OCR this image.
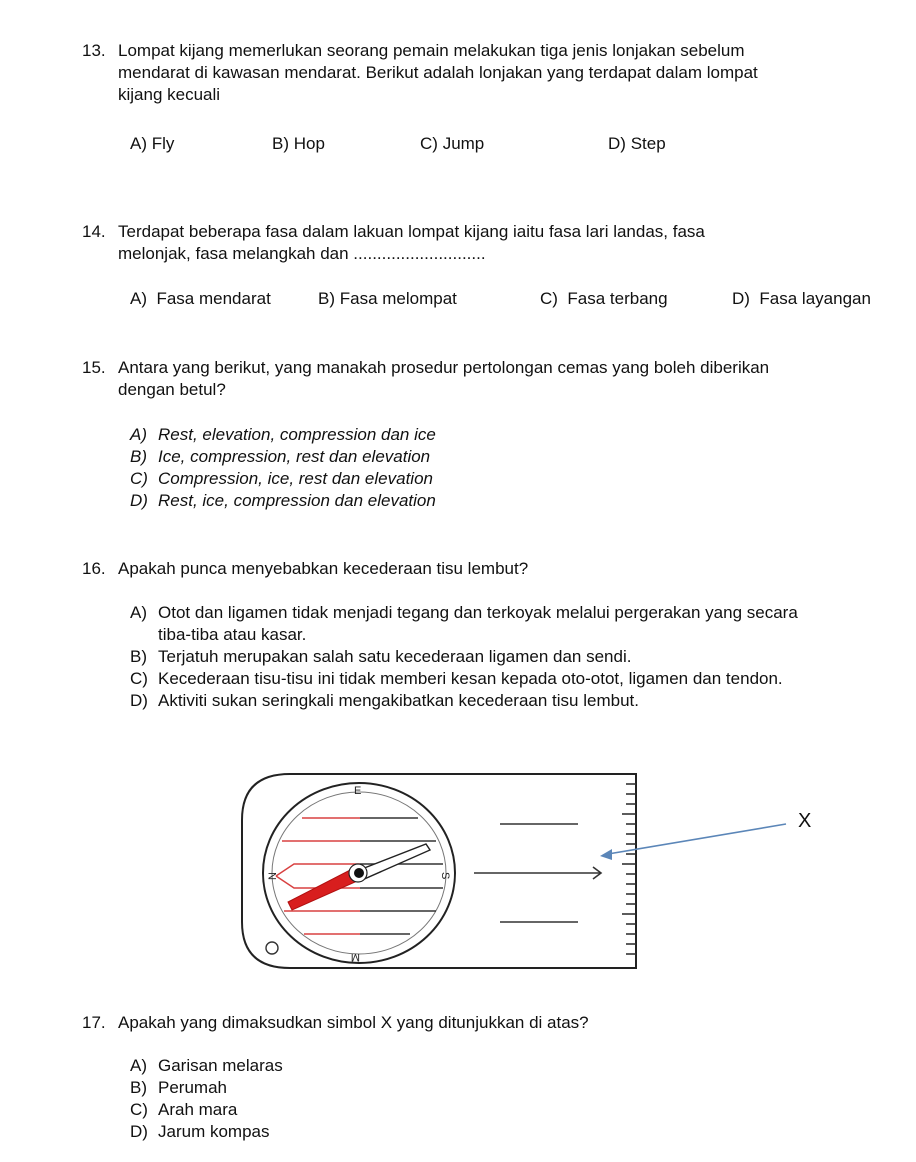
13. Lompat kijang memerlukan seorang pemain melakukan tiga jenis lonjakan sebelum
mendarat di kawasan mendarat. Berikut adalah lonjakan yang terdapat dalam lompat
kijang kecuali
A) Fly	B) Hop	C) Jump	D) Step
14. Terdapat beberapa fasa dalam lakuan lompat kijang iaitu fasa lari landas, fasa
melonjak, fasa melangkah dan ............................
A) Fasa mendarat	B) Fasa melompat	C) Fasa terbang	D) Fasa layangan
15. Antara yang berikut, yang manakah prosedur pertolongan cemas yang boleh diberikan
dengan betul?
A) Rest, elevation, compression dan ice
B) Ice, compression, rest dan elevation
C) Compression, ice, rest dan elevation
D) Rest, ice, compression dan elevation
16. Apakah punca menyebabkan kecederaan tisu lembut?
A) Otot dan ligamen tidak menjadi tegang dan terkoyak melalui pergerakan yang secara
tiba-tiba atau kasar.
B) Terjatuh merupakan salah satu kecederaan ligamen dan sendi.
C) Kecederaan tisu-tisu ini tidak memberi kesan kepada oto-otot, ligamen dan tendon.
D) Aktiviti sukan seringkali mengakibatkan kecederaan tisu lembut.
E
N	S
M
X
17. Apakah yang dimaksudkan simbol X yang ditunjukkan di atas?
A) Garisan melaras
B) Perumah
C) Arah mara
D) Jarum kompas
